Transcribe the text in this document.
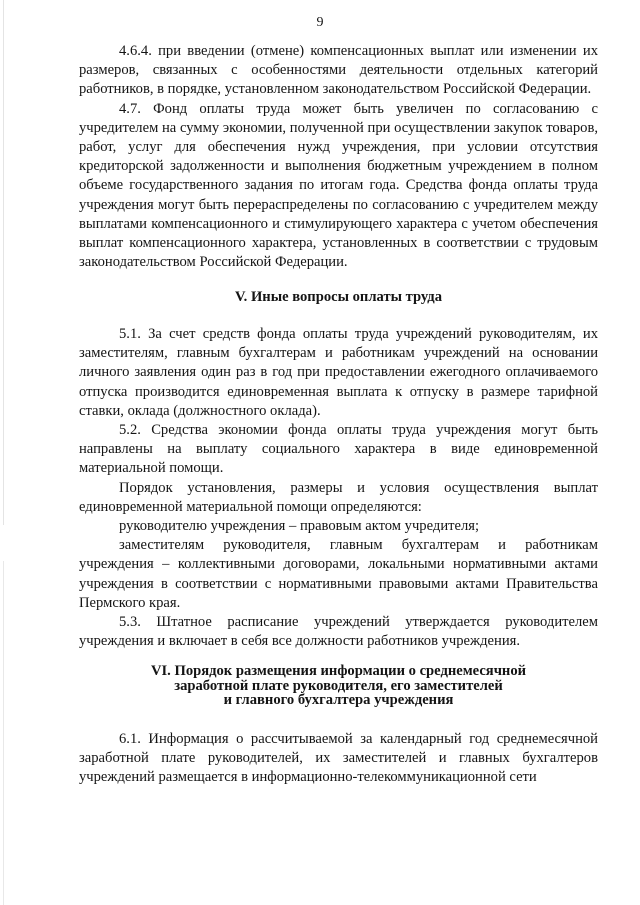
9

4.6.4. при введении (отмене) компенсационных выплат или изменении их размеров, связанных с особенностями деятельности отдельных категорий работников, в порядке, установленном законодательством Российской Федерации.

4.7. Фонд оплаты труда может быть увеличен по согласованию с учредителем на сумму экономии, полученной при осуществлении закупок товаров, работ, услуг для обеспечения нужд учреждения, при условии отсутствия кредиторской задолженности и выполнения бюджетным учреждением в полном объеме государственного задания по итогам года. Средства фонда оплаты труда учреждения могут быть перераспределены по согласованию с учредителем между выплатами компенсационного и стимулирующего характера с учетом обеспечения выплат компенсационного характера, установленных в соответствии с трудовым законодательством Российской Федерации.

V. Иные вопросы оплаты труда

5.1. За счет средств фонда оплаты труда учреждений руководителям, их заместителям, главным бухгалтерам и работникам учреждений на основании личного заявления один раз в год при предоставлении ежегодного оплачиваемого отпуска производится единовременная выплата к отпуску в размере тарифной ставки, оклада (должностного оклада).

5.2. Средства экономии фонда оплаты труда учреждения могут быть направлены на выплату социального характера в виде единовременной материальной помощи.

Порядок установления, размеры и условия осуществления выплат единовременной материальной помощи определяются:

руководителю учреждения – правовым актом учредителя;

заместителям руководителя, главным бухгалтерам и работникам учреждения – коллективными договорами, локальными нормативными актами учреждения в соответствии с нормативными правовыми актами Правительства Пермского края.

5.3. Штатное расписание учреждений утверждается руководителем учреждения и включает в себя все должности работников учреждения.

VI. Порядок размещения информации о среднемесячной
заработной плате руководителя, его заместителей
и главного бухгалтера учреждения

6.1. Информация о рассчитываемой за календарный год среднемесячной заработной плате руководителей, их заместителей и главных бухгалтеров учреждений размещается в информационно-телекоммуникационной сети
